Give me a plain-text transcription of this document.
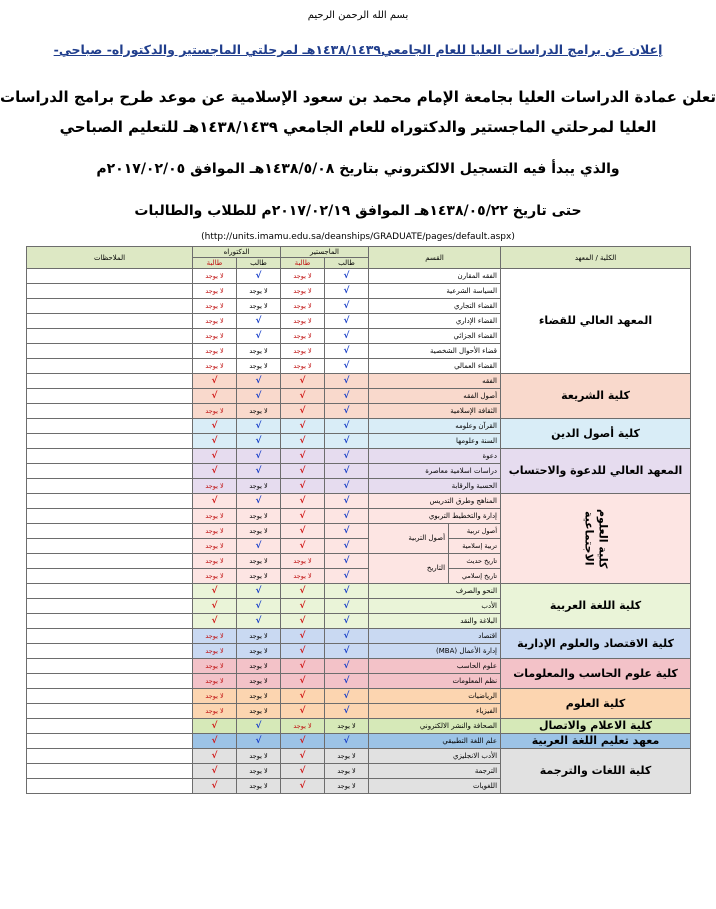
بسم الله الرحمن الرحيم
إعلان عن برامج الدراسات العليا للعام الجامعي١٤٣٨/١٤٣٩هـ لمرحلتي الماجستير والدكتوراه- صباحي-
تعلن عمادة الدراسات العليا بجامعة الإمام محمد بن سعود الإسلامية عن موعد طرح برامج الدراسات
العليا لمرحلتي الماجستير والدكتوراه للعام الجامعي ١٤٣٨/١٤٣٩هـ للتعليم الصباحي
والذي يبدأ فيه التسجيل الالكتروني بتاريخ ١٤٣٨/٥/٠٨هـ الموافق ٢٠١٧/٠٢/٠٥م
حتى تاريخ ١٤٣٨/٠٥/٢٢هـ الموافق ٢٠١٧/٠٢/١٩م للطلاب والطالبات
(http://units.imamu.edu.sa/deanships/GRADUATE/pages/default.aspx)
الكلية / المعهد	القسم		الماجستير		الدكتوراه		الملاحظات
			طالب	طالبة	طالب	طالبة	
المعهد العالي للقضاء	الفقه المقارن		√	لا يوجد	√	لا يوجد	
	السياسة الشرعية		√	لا يوجد	لا يوجد	لا يوجد	
	القضاء التجاري		√	لا يوجد	لا يوجد	لا يوجد	
	القضاء الإداري		√	لا يوجد	√	لا يوجد	
	القضاء الجزائي		√	لا يوجد	√	لا يوجد	
	قضاء الأحوال الشخصية		√	لا يوجد	لا يوجد	لا يوجد	
	القضاء العمالي		√	لا يوجد	لا يوجد	لا يوجد	
كلية الشريعة	الفقه		√	√	√	√	
	أصول الفقه		√	√	√	√	
	الثقافة الإسلامية		√	√	لا يوجد	لا يوجد	
كلية أصول الدين	القرآن وعلومه		√	√	√	√	
	السنة وعلومها		√	√	√	√	
المعهد العالي للدعوة والاحتساب	دعوة		√	√	√	√	
	دراسات اسلامية معاصرة		√	√	√	√	
	الحسبة والرقابة		√	√	لا يوجد	لا يوجد	
كلية العلوم الاجتماعية	المناهج وطرق التدريس		√	√	√	√	
	إدارة والتخطيط التربوي		√	√	لا يوجد	لا يوجد	
	أصول تربية	أصول التربية	√	√	لا يوجد	لا يوجد	
	تربية إسلامية		√	√	√	لا يوجد	
	تاريخ حديث	التاريخ	√	لا يوجد	لا يوجد	لا يوجد	
	تاريخ إسلامي		√	لا يوجد	لا يوجد	لا يوجد	
كلية اللغة العربية	النحو والصرف		√	√	√	√	
	الأدب		√	√	√	√	
	البلاغة والنقد		√	√	√	√	
كلية الاقتصاد والعلوم الإدارية	اقتصاد		√	√	لا يوجد	لا يوجد	
	إدارة الأعمال (MBA)		√	√	لا يوجد	لا يوجد	
كلية علوم الحاسب والمعلومات	علوم الحاسب		√	√	لا يوجد	لا يوجد	
	نظم المعلومات		√	√	لا يوجد	لا يوجد	
كلية العلوم	الرياضيات		√	√	لا يوجد	لا يوجد	
	الفيزياء		√	√	لا يوجد	لا يوجد	
كلية الاعلام والاتصال	الصحافة والنشر الالكتروني		لا يوجد	لا يوجد	√	√	
معهد تعليم اللغة العربية	علم اللغة التطبيقي		√	√	√	√	
كلية اللغات والترجمة	الأدب الانجليزي		لا يوجد	√	لا يوجد	√	
	الترجمة		لا يوجد	√	لا يوجد	√	
	اللغويات		لا يوجد	√	لا يوجد	√	
